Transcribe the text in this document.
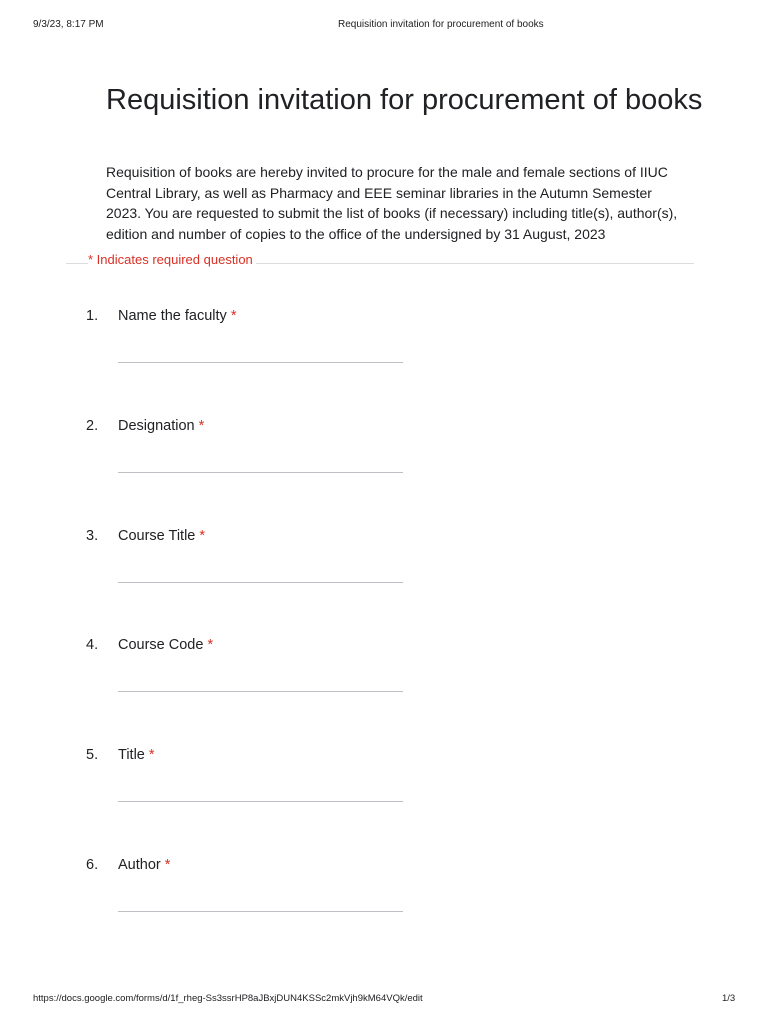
9/3/23, 8:17 PM	Requisition invitation for procurement of books
Requisition invitation for procurement of books

Requisition of books are hereby invited to procure for the male and female sections of IIUC Central Library, as well as Pharmacy and EEE seminar libraries in the Autumn Semester 2023. You are requested to submit the list of books (if necessary) including title(s), author(s), edition and number of copies to the office of the undersigned by 31 August, 2023

* Indicates required question
1. Name the faculty *
2. Designation *
3. Course Title *
4. Course Code *
5. Title *
6. Author *
https://docs.google.com/forms/d/1f_rheg-Ss3ssrHP8aJBxjDUN4KSSc2mkVjh9kM64VQk/edit	1/3
